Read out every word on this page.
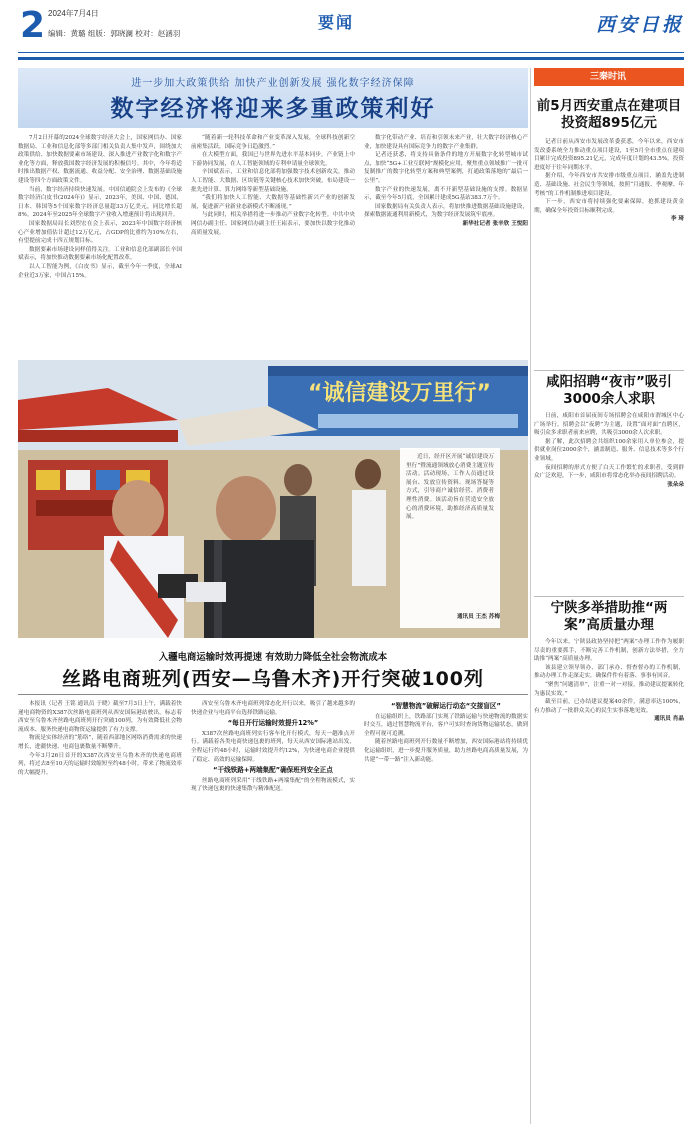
2 2024年7月4日
编辑：黄璐 组版：郭晓澜 校对：赵涵羽
要闻	西安日报
进一步加大政策供给 加快产业创新发展 强化数字经济保障
数字经济将迎来多重政策利好

7月2日开幕的2024全球数字经济大会上，国家网信办、国家数据局、工业和信息化部等多部门相关负责人集中发声，围绕加大政策供给、加快数据要素市场建设、深入推进产业数字化和数字产业化等方面，释放我国数字经济发展的积极信号。其中，今年将适时推出数据产权、数据流通、收益分配、安全治理、数据基础设施建设等四个方面政策文件。

当前，数字经济持续快速发展。中国信通院会上发布的《全球数字经济白皮书(2024年)》显示，2023年，美国、中国、德国、日本、韩国等5个国家数字经济总量超33万亿美元，同比增长超8%。2024年至2025年全球数字产业收入增速预计将出现回升。

国家数据局局长刘烈宏在会上表示，2023年中国数字经济核心产业增加值估计超过12万亿元，占GDP的比重约为10%左右，有望提前完成十四五规划目标。

数据要素市场建设同样值得关注。工业和信息化部副部长辛国斌表示，将加快推动数据要素市场化配置改革。

以人工智能为例，《白皮书》显示，截至今年一季度，全球AI企业近3万家，中国占15%。

“随着新一轮科技革命和产业变革深入发展，全球科技创新空前密集活跃，国际竞争日趋激烈。”

在大模型方面，我国已与世界先进水平基本同步，产业链上中下游协同发展，在人工智能领域的专利申请量全球领先。

辛国斌表示，工业和信息化部将加强数字技术创新攻关，推动人工智能、大数据、区块链等关键核心技术加快突破，布局建设一批先进计算、算力网络等新型基础设施。

“我们将加快人工智能、大数据等基础性新兴产业的创新发展，促进新产业新业态新模式不断涌现。”

与此同时，相关举措将进一步推动产业数字化转型。中共中央网信办副主任、国家网信办副主任王崧表示，要加快以数字化推动高质量发展。

数字化带动产业、培育和引领未来产业，壮大数字经济核心产业，加快建设具有国际竞争力的数字产业集群。

记者还获悉，将支持具备条件的地方开展数字化转型城市试点，加快“5G+工业互联网”规模化应用，聚焦重点领域推广一批可复制推广的数字化转型方案和典型案例，打通政策落地的“最后一公里”。

数字产业的快速发展，离不开新型基础设施的支撑。数据显示，截至今年5月底，全国累计建成5G基站383.7万个。

国家数据局有关负责人表示，将加快推进数据基础设施建设，探索数据流通利用新模式，为数字经济发展筑牢底座。

新华社记者 张辛欣 王悦阳
“诚信建设万里行”
近日，经开区开展“诚信建设万里行”暨流通领域放心消费主题宣传活动。活动现场，工作人员通过设展台、发放宣传资料、现场答疑等方式，引导商户诚信经营、消费者理性消费。该活动旨在营造安全放心的消费环境，助推经济高质量发展。
通讯员 王杰 苏梅
入疆电商运输时效再提速 有效助力降低全社会物流成本
丝路电商班列(西安—乌鲁木齐)开行突破100列

本报讯（记者 王铭 通讯员 于晓）截至7月3日上午，满载着快递电商物资的X387次丝路电商班列从西安国际港站驶出，标志着西安至乌鲁木齐丝路电商班列开行突破100列，为有效降低社会物流成本、服务快递电商物资运输提供了有力支撑。

物流是实体经济的“筋络”，随着西部地区网络消费需求的快速增长，进疆快递、电商包裹数量不断攀升。

今年3月26日首开的X387次西安至乌鲁木齐的快递电商班列，将过去8至10天的运输时效缩短至约48小时，带来了物流效率的大幅提升。

西安至乌鲁木齐电商班列常态化开行以来，吸引了越来越多的快递企业与电商平台选择铁路运输。

“每日开行运输时效提升12%”

X387次丝路电商班列实行客车化开行模式，每天一趟准点开行。满载着各类电商快递包裹的班列，每天从西安国际港站出发，全程运行约48小时，运输时效提升约12%，为快递电商企业提供了稳定、高效的运输保障。

“干线铁路+两端集配”确保班列安全正点

丝路电商班列采用“干线铁路+两端集配”的全程物流模式，实现了快递包裹的快速集散与精准配送。

“智慧物流”破解运行动态“交接盲区”

在运输组织上，铁路部门实现了铁路运输与快递物流的数据实时交互，通过智慧物流平台，客户可实时查询货物运输状态，做到全程可视可追溯。

随着丝路电商班列开行数量不断增加，西安国际港站将持续优化运输组织，进一步提升服务质量，助力丝路电商高质量发展，为共建“一带一路”注入新动能。

三秦时讯
前5月西安重点在建项目投资超895亿元

记者日前从西安市发展改革委获悉，今年以来，西安市发改委系统全力推动重点项目建设，1至5月全市重点在建项目累计完成投资895.21亿元，完成年度计划的43.5%，投资进度好于往年同期水平。

据介绍，今年西安市共安排市级重点项目，涵盖先进制造、基础设施、社会民生等领域，按照“月通报、季观摩、年考核”的工作机制推进项目建设。

下一步，西安市将持续强化要素保障，抢抓建设黄金期，确保全年投资目标顺利完成。

李 琦
咸阳招聘“夜市”吸引3000余人求职

日前，咸阳市首届夜间专场招聘会在咸阳市渭城区中心广场举行。招聘会以“夜聘”为主题，设置“面对面”直聘区，吸引众多求职者前来应聘，共吸引3000余人次求职。

据了解，此次招聘会共组织100余家用人单位参会，提供就业岗位2000余个，涵盖制造、服务、信息技术等多个行业领域。

夜间招聘的形式方便了白天工作繁忙的求职者，受到群众广泛欢迎，下一步，咸阳市将常态化举办夜间招聘活动。

张朵朵
宁陕多举措助推“两案”高质量办理

今年以来，宁陕县政协坚持把“两案”办理工作作为履职尽责的重要抓手，不断完善工作机制，创新方法举措，全力助推“两案”高质量办理。

该县建立领导领办、部门承办、督查督办的工作机制，推动办理工作走深走实，确保件件有着落、事事有回音。

“聚焦“问题清单”，注重一对一对接，推动建议提案转化为惠民实效。”

截至目前，已办结建议提案40余件，满意率达100%，有力推动了一批群众关心的民生实事落地见效。

通讯员 肖晶
